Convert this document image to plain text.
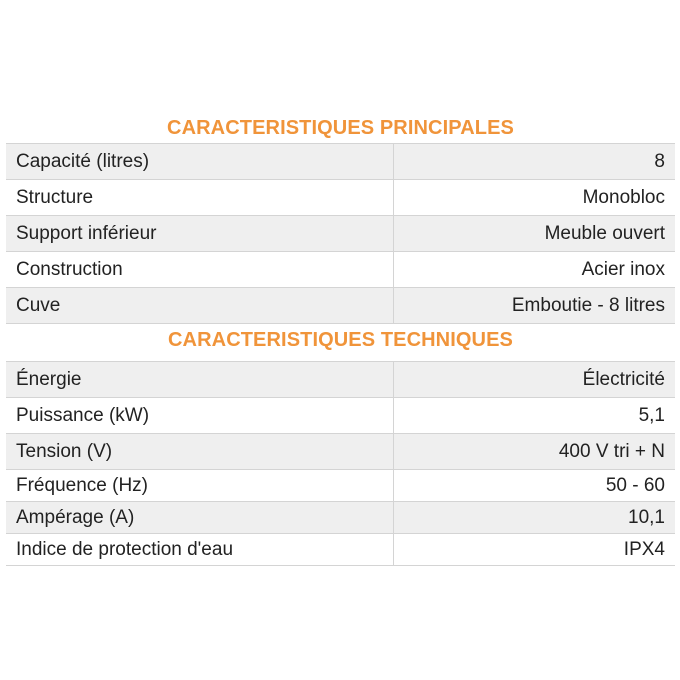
CARACTERISTIQUES PRINCIPALES
Capacité (litres)	8
Structure	Monobloc
Support inférieur	Meuble ouvert
Construction	Acier inox
Cuve	Emboutie - 8 litres
CARACTERISTIQUES TECHNIQUES
Énergie	Électricité
Puissance (kW)	5,1
Tension (V)	400 V tri + N
Fréquence (Hz)	50 - 60
Ampérage (A)	10,1
Indice de protection d'eau	IPX4
